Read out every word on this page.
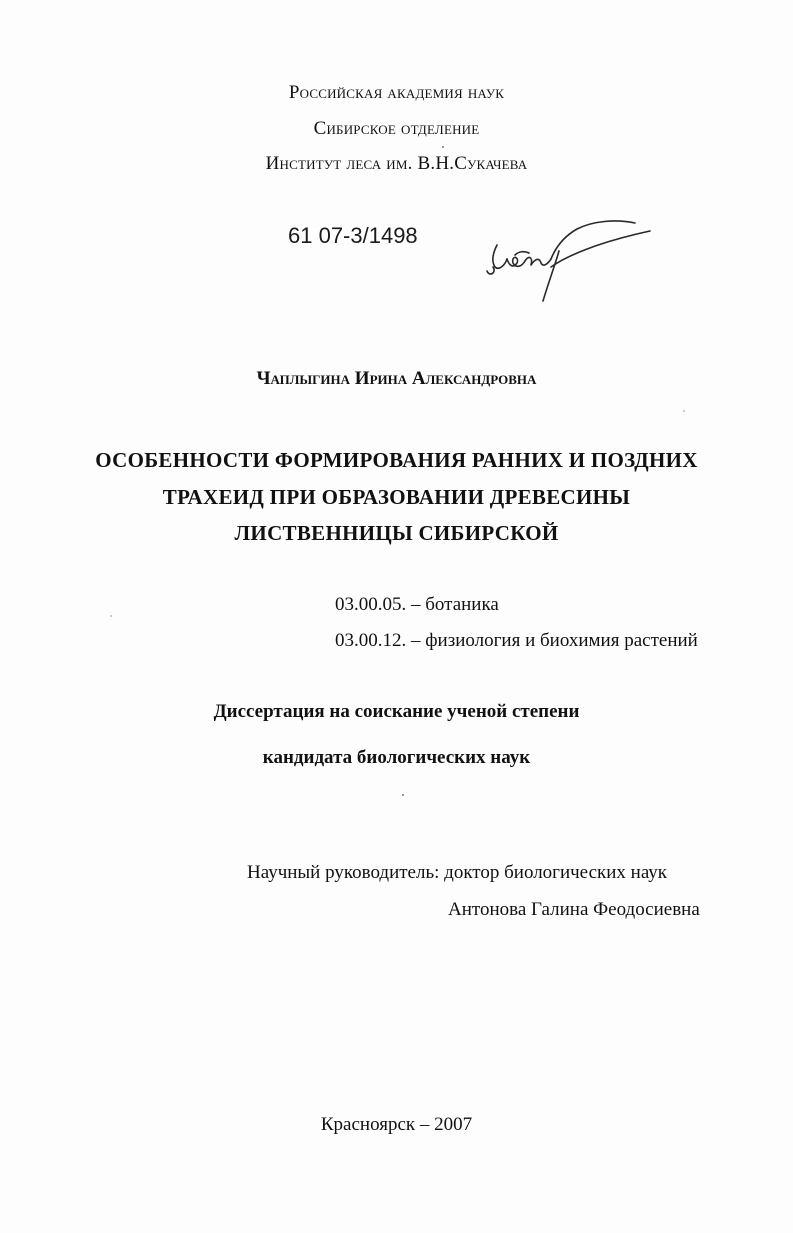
Российская академия наук
Сибирское отделение
Институт леса им. В.Н.Сукачева
61 07-3/1498
Чаплыгина Ирина Александровна
ОСОБЕННОСТИ ФОРМИРОВАНИЯ РАННИХ И ПОЗДНИХ
ТРАХЕИД ПРИ ОБРАЗОВАНИИ ДРЕВЕСИНЫ
ЛИСТВЕННИЦЫ СИБИРСКОЙ
03.00.05. – ботаника
03.00.12. – физиология и биохимия растений
Диссертация на соискание ученой степени
кандидата биологических наук
Научный руководитель: доктор биологических наук
Антонова Галина Феодосиевна
Красноярск – 2007
